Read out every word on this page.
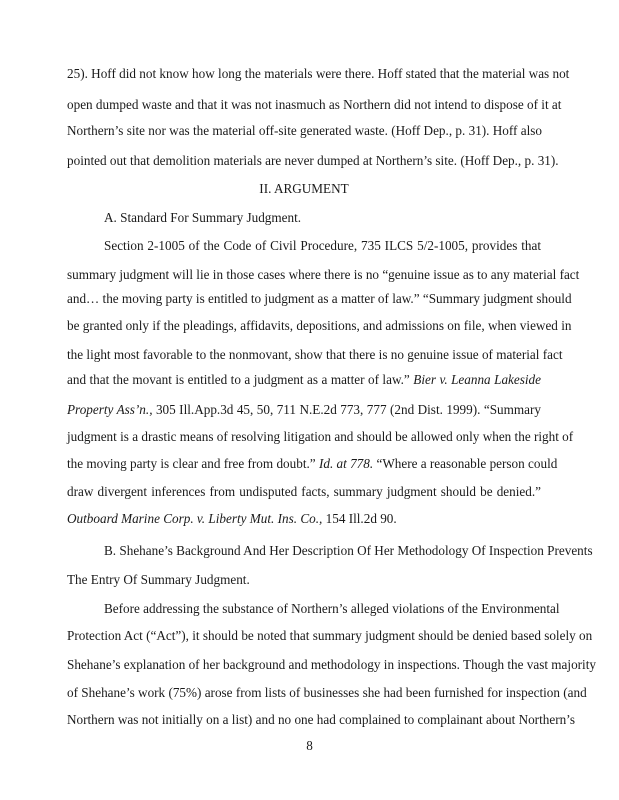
25). Hoff did not know how long the materials were there. Hoff stated that the material was not
open dumped waste and that it was not inasmuch as Northern did not intend to dispose of it at
Northern’s site nor was the material off-site generated waste. (Hoff Dep., p. 31). Hoff also
pointed out that demolition materials are never dumped at Northern’s site. (Hoff Dep., p. 31).
II. ARGUMENT
A. Standard For Summary Judgment.
Section 2-1005 of the Code of Civil Procedure, 735 ILCS 5/2-1005, provides that
summary judgment will lie in those cases where there is no “genuine issue as to any material fact
and… the moving party is entitled to judgment as a matter of law.” “Summary judgment should
be granted only if the pleadings, affidavits, depositions, and admissions on file, when viewed in
the light most favorable to the nonmovant, show that there is no genuine issue of material fact
and that the movant is entitled to a judgment as a matter of law.” Bier v. Leanna Lakeside
Property Ass’n., 305 Ill.App.3d 45, 50, 711 N.E.2d 773, 777 (2nd Dist. 1999). “Summary
judgment is a drastic means of resolving litigation and should be allowed only when the right of
the moving party is clear and free from doubt.” Id. at 778. “Where a reasonable person could
draw divergent inferences from undisputed facts, summary judgment should be denied.”
Outboard Marine Corp. v. Liberty Mut. Ins. Co., 154 Ill.2d 90.
B. Shehane’s Background And Her Description Of Her Methodology Of Inspection Prevents
The Entry Of Summary Judgment.
Before addressing the substance of Northern’s alleged violations of the Environmental
Protection Act (“Act”), it should be noted that summary judgment should be denied based solely on
Shehane’s explanation of her background and methodology in inspections. Though the vast majority
of Shehane’s work (75%) arose from lists of businesses she had been furnished for inspection (and
Northern was not initially on a list) and no one had complained to complainant about Northern’s
8
